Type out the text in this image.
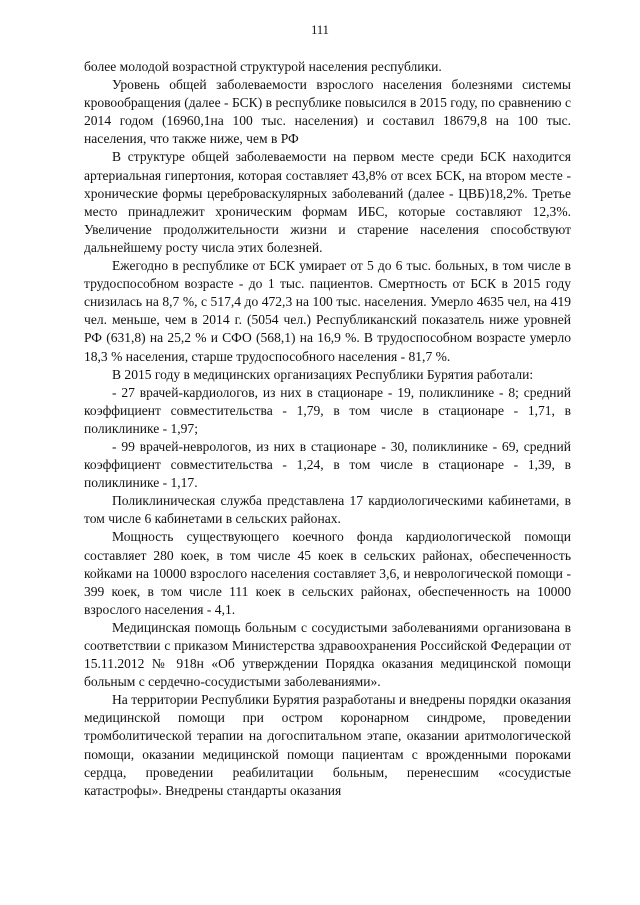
111

более молодой возрастной структурой населения республики.

Уровень общей заболеваемости взрослого населения болезнями системы кровообращения (далее - БСК) в республике повысился в 2015 году, по сравнению с 2014 годом (16960,1на 100 тыс. населения) и составил 18679,8 на 100 тыс. населения, что также ниже, чем в РФ

В структуре общей заболеваемости на первом месте среди БСК находится артериальная гипертония, которая составляет 43,8% от всех БСК, на втором месте - хронические формы цереброваскулярных заболеваний (далее - ЦВБ)18,2%. Третье место принадлежит хроническим формам ИБС, которые составляют 12,3%. Увеличение продолжительности жизни и старение населения способствуют дальнейшему росту числа этих болезней.

Ежегодно в республике от БСК умирает от 5 до 6 тыс. больных, в том числе в трудоспособном возрасте - до 1 тыс. пациентов. Смертность от БСК в 2015 году снизилась на 8,7 %, с 517,4 до 472,3 на 100 тыс. населения. Умерло 4635 чел, на 419 чел. меньше, чем в 2014 г. (5054 чел.) Республиканский показатель ниже уровней РФ (631,8) на 25,2 % и СФО (568,1) на 16,9 %. В трудоспособном возрасте умерло 18,3 % населения, старше трудоспособного населения - 81,7 %.

В 2015 году в медицинских организациях Республики Бурятия работали:

- 27 врачей-кардиологов, из них в стационаре - 19, поликлинике - 8; средний коэффициент совместительства - 1,79, в том числе в стационаре - 1,71, в поликлинике - 1,97;

- 99 врачей-неврологов, из них в стационаре - 30, поликлинике - 69, средний коэффициент совместительства - 1,24, в том числе в стационаре - 1,39, в поликлинике - 1,17.

Поликлиническая служба представлена 17 кардиологическими кабинетами, в том числе 6 кабинетами в сельских районах.

Мощность существующего коечного фонда кардиологической помощи составляет 280 коек, в том числе 45 коек в сельских районах, обеспеченность койками на 10000 взрослого населения составляет 3,6, и неврологической помощи - 399 коек, в том числе 111 коек в сельских районах, обеспеченность на 10000 взрослого населения - 4,1.

Медицинская помощь больным с сосудистыми заболеваниями организована в соответствии с приказом Министерства здравоохранения Российской Федерации от 15.11.2012 № 918н «Об утверждении Порядка оказания медицинской помощи больным с сердечно-сосудистыми заболеваниями».

На территории Республики Бурятия разработаны и внедрены порядки оказания медицинской помощи при остром коронарном синдроме, проведении тромболитической терапии на догоспитальном этапе, оказании аритмологической помощи, оказании медицинской помощи пациентам с врожденными пороками сердца, проведении реабилитации больным, перенесшим «сосудистые катастрофы». Внедрены стандарты оказания
